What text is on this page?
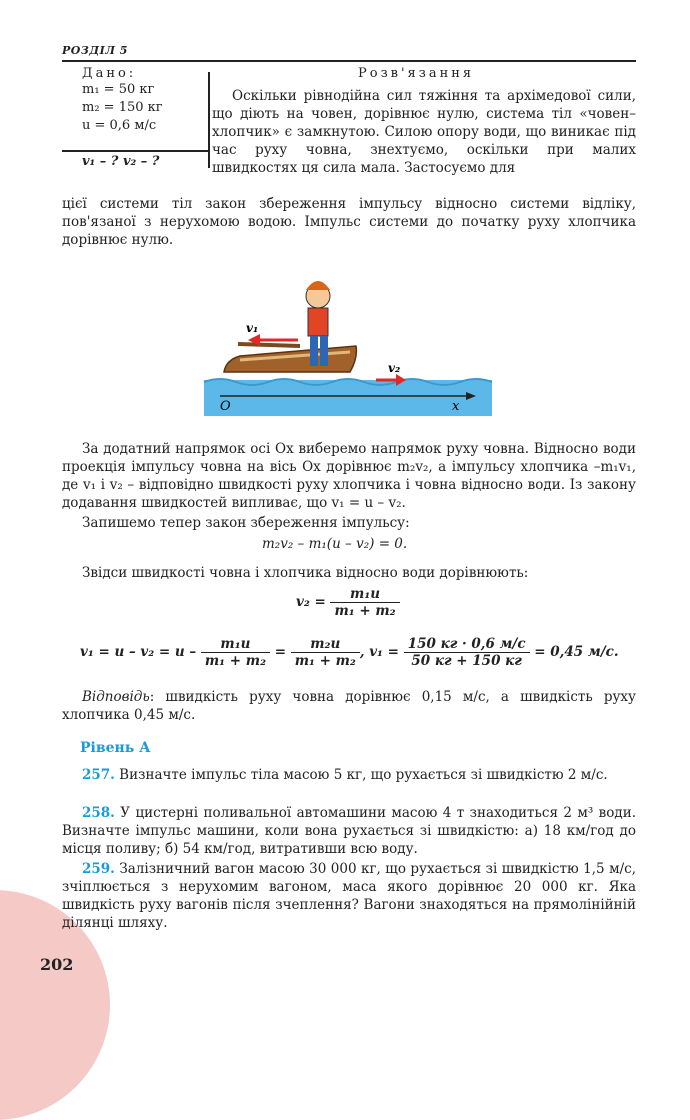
РОЗДІЛ 5
Дано:
m₁ = 50 кг
m₂ = 150 кг
u = 0,6 м/с
v₁ – ? v₂ – ?
Розв'язання
Оскільки рівнодійна сил тяжіння та архімедової сили, що діють на човен, дорівнює нулю, система тіл «човен–хлопчик» є замкнутою. Силою опору води, що виникає під час руху човна, знехтуємо, оскільки при малих швидкостях ця сила мала. Застосуємо для
цієї системи тіл закон збереження імпульсу відносно системи відліку, пов'язаної з нерухомою водою. Імпульс системи до початку руху хлопчика дорівнює нулю.
v₁
v₂
O	x
За додатний напрямок осі Ox виберемо напрямок руху човна. Відносно води проекція імпульсу човна на вісь Ox дорівнює m₂v₂, а імпульсу хлопчика –m₁v₁, де v₁ і v₂ – відповідно швидкості руху хлопчика і човна відносно води. Із закону додавання швидкостей випливає, що v₁ = u – v₂.
Запишемо тепер закон збереження імпульсу:
m₂v₂ – m₁(u – v₂) = 0.
Звідси швидкості човна і хлопчика відносно води дорівнюють:
$v_2 = \frac{\text{m₁u}}{\text{m₁ + m₂}}$
$v_1 = u - v_2 = u - \frac{\text{m₁u}}{\text{m₁ + m₂}} = \frac{\text{m₂u}}{\text{m₁ + m₂}}$ , $v_1 = \frac{150 кг \cdot 0,6 м/с}{50 кг + 150 кг} = 0,45$ м/с.
Відповідь: швидкість руху човна дорівнює 0,15 м/с, а швидкість руху хлопчика 0,45 м/с.
Рівень А
257. Визначте імпульс тіла масою 5 кг, що рухається зі швидкістю 2 м/с.
258. У цистерні поливальної автомашини масою 4 т знаходиться 2 м³ води. Визначте імпульс машини, коли вона рухається зі швидкістю: а) 18 км/год до місця поливу; б) 54 км/год, витративши всю воду.
259. Залізничний вагон масою 30 000 кг, що рухається зі швидкістю 1,5 м/с, зчіплюється з нерухомим вагоном, маса якого дорівнює 20 000 кг. Яка швидкість руху вагонів після зчеплення? Вагони знаходяться на прямолінійній ділянці шляху.
202
